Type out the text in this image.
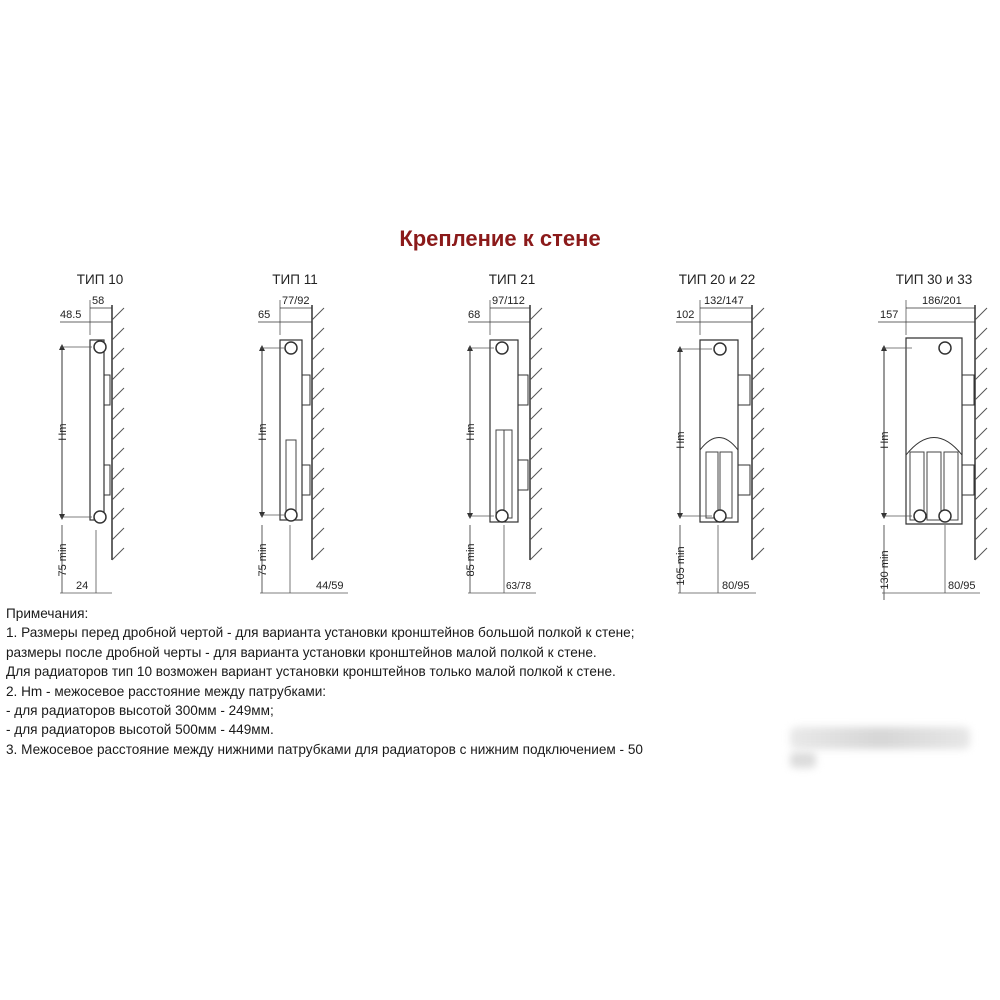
Крепление к стене
ТИП 10	ТИП 11	ТИП 21	ТИП 20 и 22	ТИП 30 и 33
Hm
48.5
58
75 min
24
Hm
65
77/92
75 min
44/59
Hm
68
97/112
85 min
63/78
Hm
102
132/147
105 min
80/95
Hm
157
186/201
130 min	80/95
Примечания:
1. Размеры перед дробной чертой - для варианта установки кронштейнов большой полкой к стене;
размеры после дробной черты - для варианта установки кронштейнов малой полкой к стене.
Для радиаторов тип 10 возможен вариант установки кронштейнов только малой полкой к стене.
2. Hm - межосевое расстояние между патрубками:
- для радиаторов высотой 300мм - 249мм;
- для радиаторов высотой 500мм - 449мм.
3. Межосевое расстояние между нижними патрубками для радиаторов с нижним подключением - 50
